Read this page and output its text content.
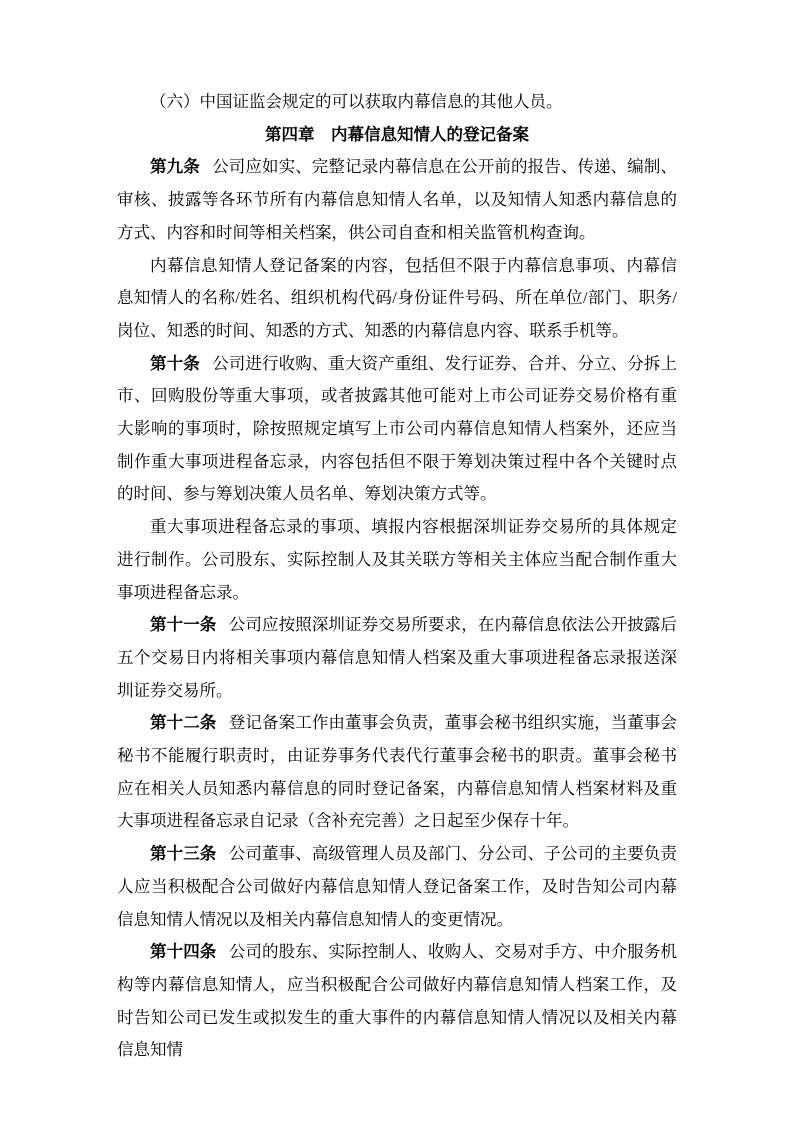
（六）中国证监会规定的可以获取内幕信息的其他人员。

第四章　内幕信息知情人的登记备案

第九条 公司应如实、完整记录内幕信息在公开前的报告、传递、编制、审核、披露等各环节所有内幕信息知情人名单，以及知情人知悉内幕信息的方式、内容和时间等相关档案，供公司自查和相关监管机构查询。

内幕信息知情人登记备案的内容，包括但不限于内幕信息事项、内幕信息知情人的名称/姓名、组织机构代码/身份证件号码、所在单位/部门、职务/岗位、知悉的时间、知悉的方式、知悉的内幕信息内容、联系手机等。

第十条 公司进行收购、重大资产重组、发行证券、合并、分立、分拆上市、回购股份等重大事项，或者披露其他可能对上市公司证券交易价格有重大影响的事项时，除按照规定填写上市公司内幕信息知情人档案外，还应当制作重大事项进程备忘录，内容包括但不限于筹划决策过程中各个关键时点的时间、参与筹划决策人员名单、筹划决策方式等。

重大事项进程备忘录的事项、填报内容根据深圳证券交易所的具体规定进行制作。公司股东、实际控制人及其关联方等相关主体应当配合制作重大事项进程备忘录。

第十一条 公司应按照深圳证券交易所要求，在内幕信息依法公开披露后五个交易日内将相关事项内幕信息知情人档案及重大事项进程备忘录报送深圳证券交易所。

第十二条 登记备案工作由董事会负责，董事会秘书组织实施，当董事会秘书不能履行职责时，由证券事务代表代行董事会秘书的职责。董事会秘书应在相关人员知悉内幕信息的同时登记备案，内幕信息知情人档案材料及重大事项进程备忘录自记录（含补充完善）之日起至少保存十年。

第十三条 公司董事、高级管理人员及部门、分公司、子公司的主要负责人应当积极配合公司做好内幕信息知情人登记备案工作，及时告知公司内幕信息知情人情况以及相关内幕信息知情人的变更情况。

第十四条 公司的股东、实际控制人、收购人、交易对手方、中介服务机构等内幕信息知情人，应当积极配合公司做好内幕信息知情人档案工作，及时告知公司已发生或拟发生的重大事件的内幕信息知情人情况以及相关内幕信息知情
